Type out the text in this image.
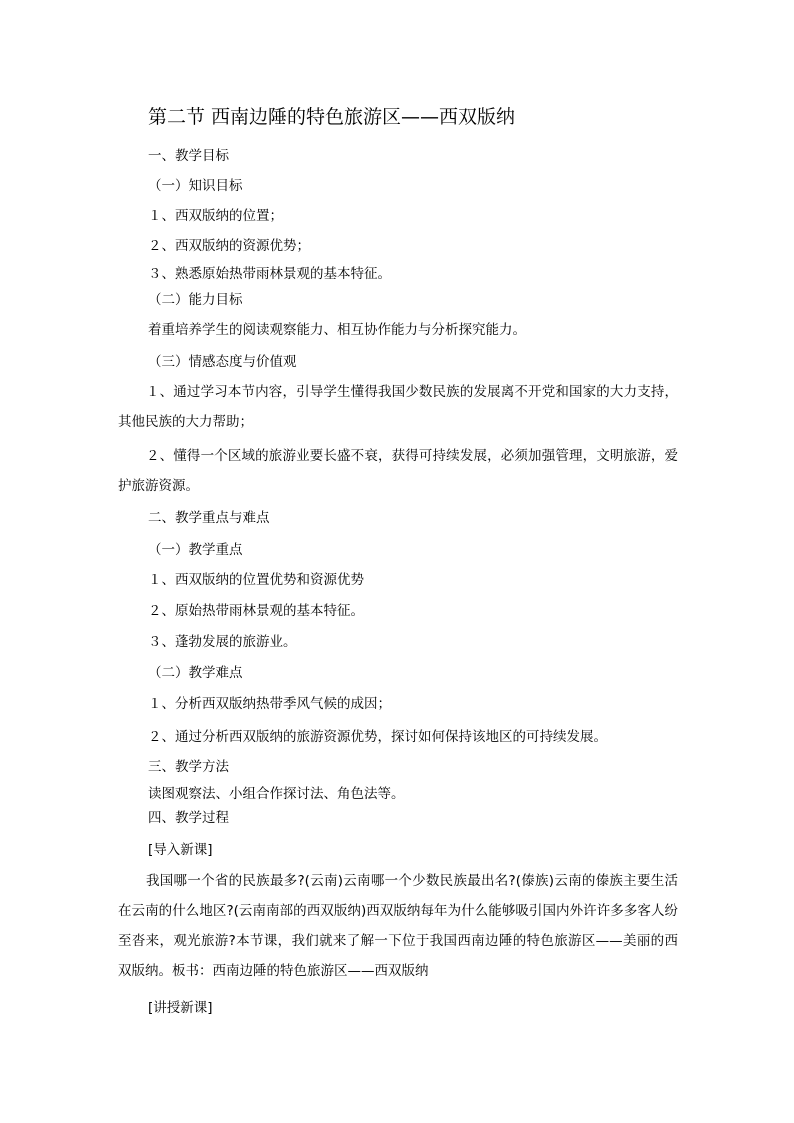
第二节 西南边陲的特色旅游区——西双版纳
一、教学目标
（一）知识目标
１、西双版纳的位置；
２、西双版纳的资源优势；
３、熟悉原始热带雨林景观的基本特征。
（二）能力目标
着重培养学生的阅读观察能力、相互协作能力与分析探究能力。
（三）情感态度与价值观
１、通过学习本节内容，引导学生懂得我国少数民族的发展离不开党和国家的大力支持，其他民族的大力帮助；
２、懂得一个区域的旅游业要长盛不衰，获得可持续发展，必须加强管理，文明旅游，爱护旅游资源。
二、教学重点与难点
（一）教学重点
１、西双版纳的位置优势和资源优势
２、原始热带雨林景观的基本特征。
３、蓬勃发展的旅游业。
（二）教学难点
１、分析西双版纳热带季风气候的成因；
２、通过分析西双版纳的旅游资源优势，探讨如何保持该地区的可持续发展。
三、教学方法
读图观察法、小组合作探讨法、角色法等。
四、教学过程
[导入新课]
我国哪一个省的民族最多?(云南)云南哪一个少数民族最出名?(傣族)云南的傣族主要生活在云南的什么地区?(云南南部的西双版纳)西双版纳每年为什么能够吸引国内外许许多多客人纷至沓来，观光旅游?本节课，我们就来了解一下位于我国西南边陲的特色旅游区——美丽的西双版纳。板书：西南边陲的特色旅游区——西双版纳
[讲授新课]
